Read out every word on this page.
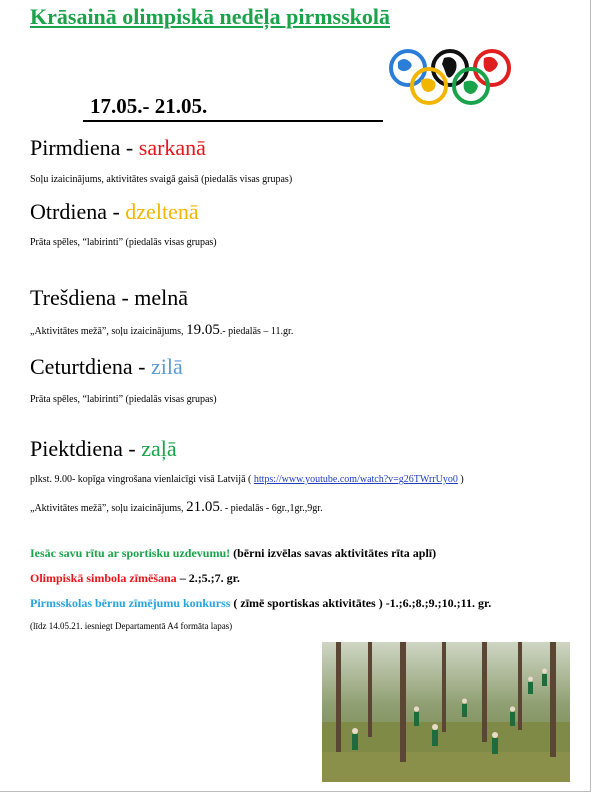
Krāsainā olimpiskā nedēļa pirmsskolā
17.05.- 21.05.
Pirmdiena - sarkanā
Soļu izaicinājums, aktivitātes svaigā gaisā (piedalās visas grupas)
Otrdiena - dzeltenā
Prāta spēles, “labirinti” (piedalās visas grupas)
Trešdiena - melnā
„Aktivitātes mežā”, soļu izaicinājums, 19.05.- piedalās – 11.gr.
Ceturtdiena - zilā
Prāta spēles, “labirinti” (piedalās visas grupas)
Piektdiena - zaļā
plkst. 9.00- kopīga vingrošana vienlaicīgi visā Latvijā ( https://www.youtube.com/watch?v=g26TWrrUyo0 )
„Aktivitātes mežā”, soļu izaicinājums, 21.05. - piedalās - 6gr.,1gr.,9gr.
Iesāc savu rītu ar sportisku uzdevumu! (bērni izvēlas savas aktivitātes rīta aplī)
Olimpiskā simbola zīmēšana – 2.;5.;7. gr.
Pirmsskolas bērnu zīmējumu konkurss ( zīmē sportiskas aktivitātes ) -1.;6.;8.;9.;10.;11. gr.
(līdz 14.05.21. iesniegt Departamentā A4 formāta lapas)
